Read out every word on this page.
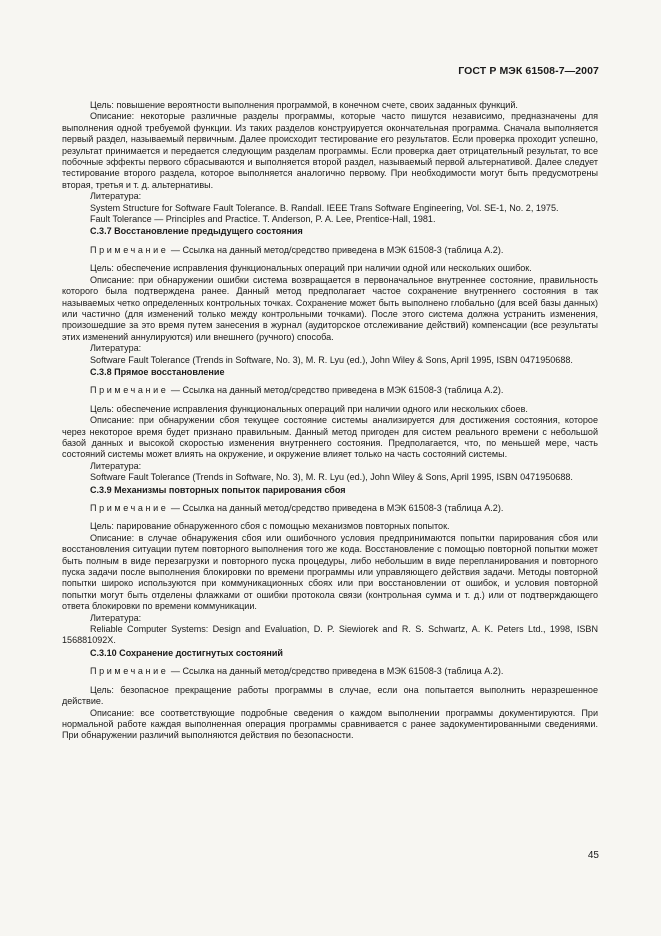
ГОСТ Р МЭК 61508-7—2007

Цель: повышение вероятности выполнения программой, в конечном счете, своих заданных функций.

Описание: некоторые различные разделы программы, которые часто пишутся независимо, предназначены для выполнения одной требуемой функции. Из таких разделов конструируется окончательная программа. Сначала выполняется первый раздел, называемый первичным. Далее происходит тестирование его результатов. Если проверка проходит успешно, результат принимается и передается следующим разделам программы. Если проверка дает отрицательный результат, то все побочные эффекты первого сбрасываются и выполняется второй раздел, называемый первой альтернативой. Далее следует тестирование второго раздела, которое выполняется аналогично первому. При необходимости могут быть предусмотрены вторая, третья и т. д. альтернативы.

Литература:

System Structure for Software Fault Tolerance. B. Randall. IEEE Trans Software Engineering, Vol. SE-1, No. 2, 1975.

Fault Tolerance — Principles and Practice. T. Anderson, P. A. Lee, Prentice-Hall, 1981.

C.3.7 Восстановление предыдущего состояния

Примечание — Ссылка на данный метод/средство приведена в МЭК 61508-3 (таблица А.2).

Цель: обеспечение исправления функциональных операций при наличии одной или нескольких ошибок.

Описание: при обнаружении ошибки система возвращается в первоначальное внутреннее состояние, правильность которого была подтверждена ранее. Данный метод предполагает частое сохранение внутреннего состояния в так называемых четко определенных контрольных точках. Сохранение может быть выполнено глобально (для всей базы данных) или частично (для изменений только между контрольными точками). После этого система должна устранить изменения, произошедшие за это время путем занесения в журнал (аудиторское отслеживание действий) компенсации (все результаты этих изменений аннулируются) или внешнего (ручного) способа.

Литература:

Software Fault Tolerance (Trends in Software, No. 3), M. R. Lyu (ed.), John Wiley & Sons, April 1995, ISBN 0471950688.

C.3.8 Прямое восстановление

Примечание — Ссылка на данный метод/средство приведена в МЭК 61508-3 (таблица А.2).

Цель: обеспечение исправления функциональных операций при наличии одного или нескольких сбоев.

Описание: при обнаружении сбоя текущее состояние системы анализируется для достижения состояния, которое через некоторое время будет признано правильным. Данный метод пригоден для систем реального времени с небольшой базой данных и высокой скоростью изменения внутреннего состояния. Предполагается, что, по меньшей мере, часть состояний системы может влиять на окружение, и окружение влияет только на часть состояний системы.

Литература:

Software Fault Tolerance (Trends in Software, No. 3), M. R. Lyu (ed.), John Wiley & Sons, April 1995, ISBN 0471950688.

C.3.9 Механизмы повторных попыток парирования сбоя

Примечание — Ссылка на данный метод/средство приведена в МЭК 61508-3 (таблица А.2).

Цель: парирование обнаруженного сбоя с помощью механизмов повторных попыток.

Описание: в случае обнаружения сбоя или ошибочного условия предпринимаются попытки парирования сбоя или восстановления ситуации путем повторного выполнения того же кода. Восстановление с помощью повторной попытки может быть полным в виде перезагрузки и повторного пуска процедуры, либо небольшим в виде перепланирования и повторного пуска задачи после выполнения блокировки по времени программы или управляющего действия задачи. Методы повторной попытки широко используются при коммуникационных сбоях или при восстановлении от ошибок, и условия повторной попытки могут быть отделены флажками от ошибки протокола связи (контрольная сумма и т. д.) или от подтверждающего ответа блокировки по времени коммуникации.

Литература:

Reliable Computer Systems: Design and Evaluation, D. P. Siewiorek and R. S. Schwartz, A. K. Peters Ltd., 1998, ISBN 156881092X.

C.3.10 Сохранение достигнутых состояний

Примечание — Ссылка на данный метод/средство приведена в МЭК 61508-3 (таблица А.2).

Цель: безопасное прекращение работы программы в случае, если она попытается выполнить неразрешенное действие.

Описание: все соответствующие подробные сведения о каждом выполнении программы документируются. При нормальной работе каждая выполненная операция программы сравнивается с ранее задокументированными сведениями. При обнаружении различий выполняются действия по безопасности.

45
